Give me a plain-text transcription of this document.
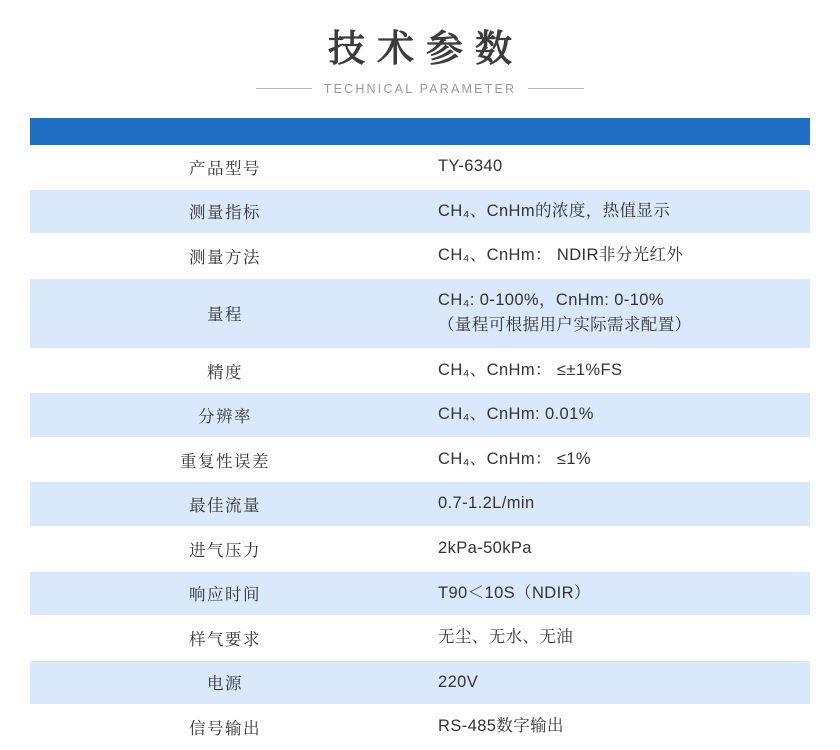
技术参数
TECHNICAL PARAMETER

产品型号	TY-6340

测量指标	CH₄、CnHm的浓度，热值显示

测量方法	CH₄、CnHm： NDIR非分光红外

量程	CH₄: 0-100%，CnHm: 0-10%
（量程可根据用户实际需求配置）

精度	CH₄、CnHm： ≤±1%FS

分辨率	CH₄、CnHm: 0.01%

重复性误差	CH₄、CnHm： ≤1%

最佳流量	0.7-1.2L/min

进气压力	2kPa-50kPa

响应时间	T90＜10S（NDIR）

样气要求	无尘、无水、无油

电源	220V

信号输出	RS-485数字输出
